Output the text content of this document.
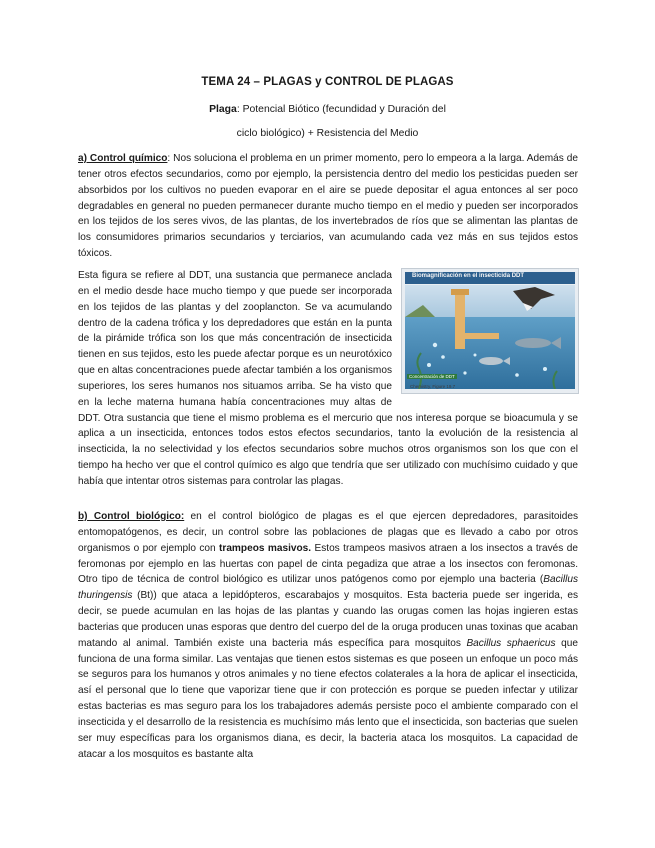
TEMA 24 – PLAGAS y CONTROL DE PLAGAS
Plaga: Potencial Biótico (fecundidad y Duración del
ciclo biológico) + Resistencia del Medio
a) Control químico: Nos soluciona el problema en un primer momento, pero lo empeora a la larga. Además de tener otros efectos secundarios, como por ejemplo, la persistencia dentro del medio los pesticidas pueden ser absorbidos por los cultivos no pueden evaporar en el aire se puede depositar el agua entonces al ser poco degradables en general no pueden permanecer durante mucho tiempo en el medio y pueden ser incorporados en los tejidos de los seres vivos, de las plantas, de los invertebrados de ríos que se alimentan las plantas de los consumidores primarios secundarios y terciarios, van acumulando cada vez más en sus tejidos estos tóxicos.
Esta figura se refiere al DDT, una sustancia que permanece anclada en el medio desde hace mucho tiempo y que puede ser incorporada en los tejidos de las plantas y del zooplancton. Se va acumulando dentro de la cadena trófica y los depredadores que están en la punta de la pirámide trófica son los que más concentración de insecticida tienen en sus tejidos, esto les puede afectar porque es un neurotóxico que en altas concentraciones puede afectar también a los organismos superiores, los seres humanos nos situamos arriba. Se ha visto que en la leche materna humana había concentraciones muy altas de DDT. Otra sustancia que tiene el mismo problema es el mercurio que nos interesa porque se bioacumula y se aplica a un insecticida, entonces todos estos efectos secundarios, tanto la evolución de la resistencia al insecticida, la no selectividad y los efectos secundarios sobre muchos otros organismos son los que con el tiempo ha hecho ver que el control químico es algo que tendría que ser utilizado con muchísimo cuidado y que había que intentar otros sistemas para controlar las plagas.
Biomagnificación en el insecticida DDT
Concentración de DDT
Chemistry, Figure 19.7
b) Control biológico: en el control biológico de plagas es el que ejercen depredadores, parasitoides entomopatógenos, es decir, un control sobre las poblaciones de plagas que es llevado a cabo por otros organismos o por ejemplo con trampeos masivos. Estos trampeos masivos atraen a los insectos a través de feromonas por ejemplo en las huertas con papel de cinta pegadiza que atrae a los insectos con feromonas. Otro tipo de técnica de control biológico es utilizar unos patógenos como por ejemplo una bacteria (Bacillus thuringensis (Bt)) que ataca a lepidópteros, escarabajos y mosquitos. Esta bacteria puede ser ingerida, es decir, se puede acumulan en las hojas de las plantas y cuando las orugas comen las hojas ingieren estas bacterias que producen unas esporas que dentro del cuerpo del de la oruga producen unas toxinas que acaban matando al animal. También existe una bacteria más específica para mosquitos Bacillus sphaericus que funciona de una forma similar. Las ventajas que tienen estos sistemas es que poseen un enfoque un poco más se seguros para los humanos y otros animales y no tiene efectos colaterales a la hora de aplicar el insecticida, así el personal que lo tiene que vaporizar tiene que ir con protección es porque se pueden infectar y utilizar estas bacterias es mas seguro para los los trabajadores además persiste poco el ambiente comparado con el insecticida y el desarrollo de la resistencia es muchísimo más lento que el insecticida, son bacterias que suelen ser muy específicas para los organismos diana, es decir, la bacteria ataca los mosquitos. La capacidad de atacar a los mosquitos es bastante alta
